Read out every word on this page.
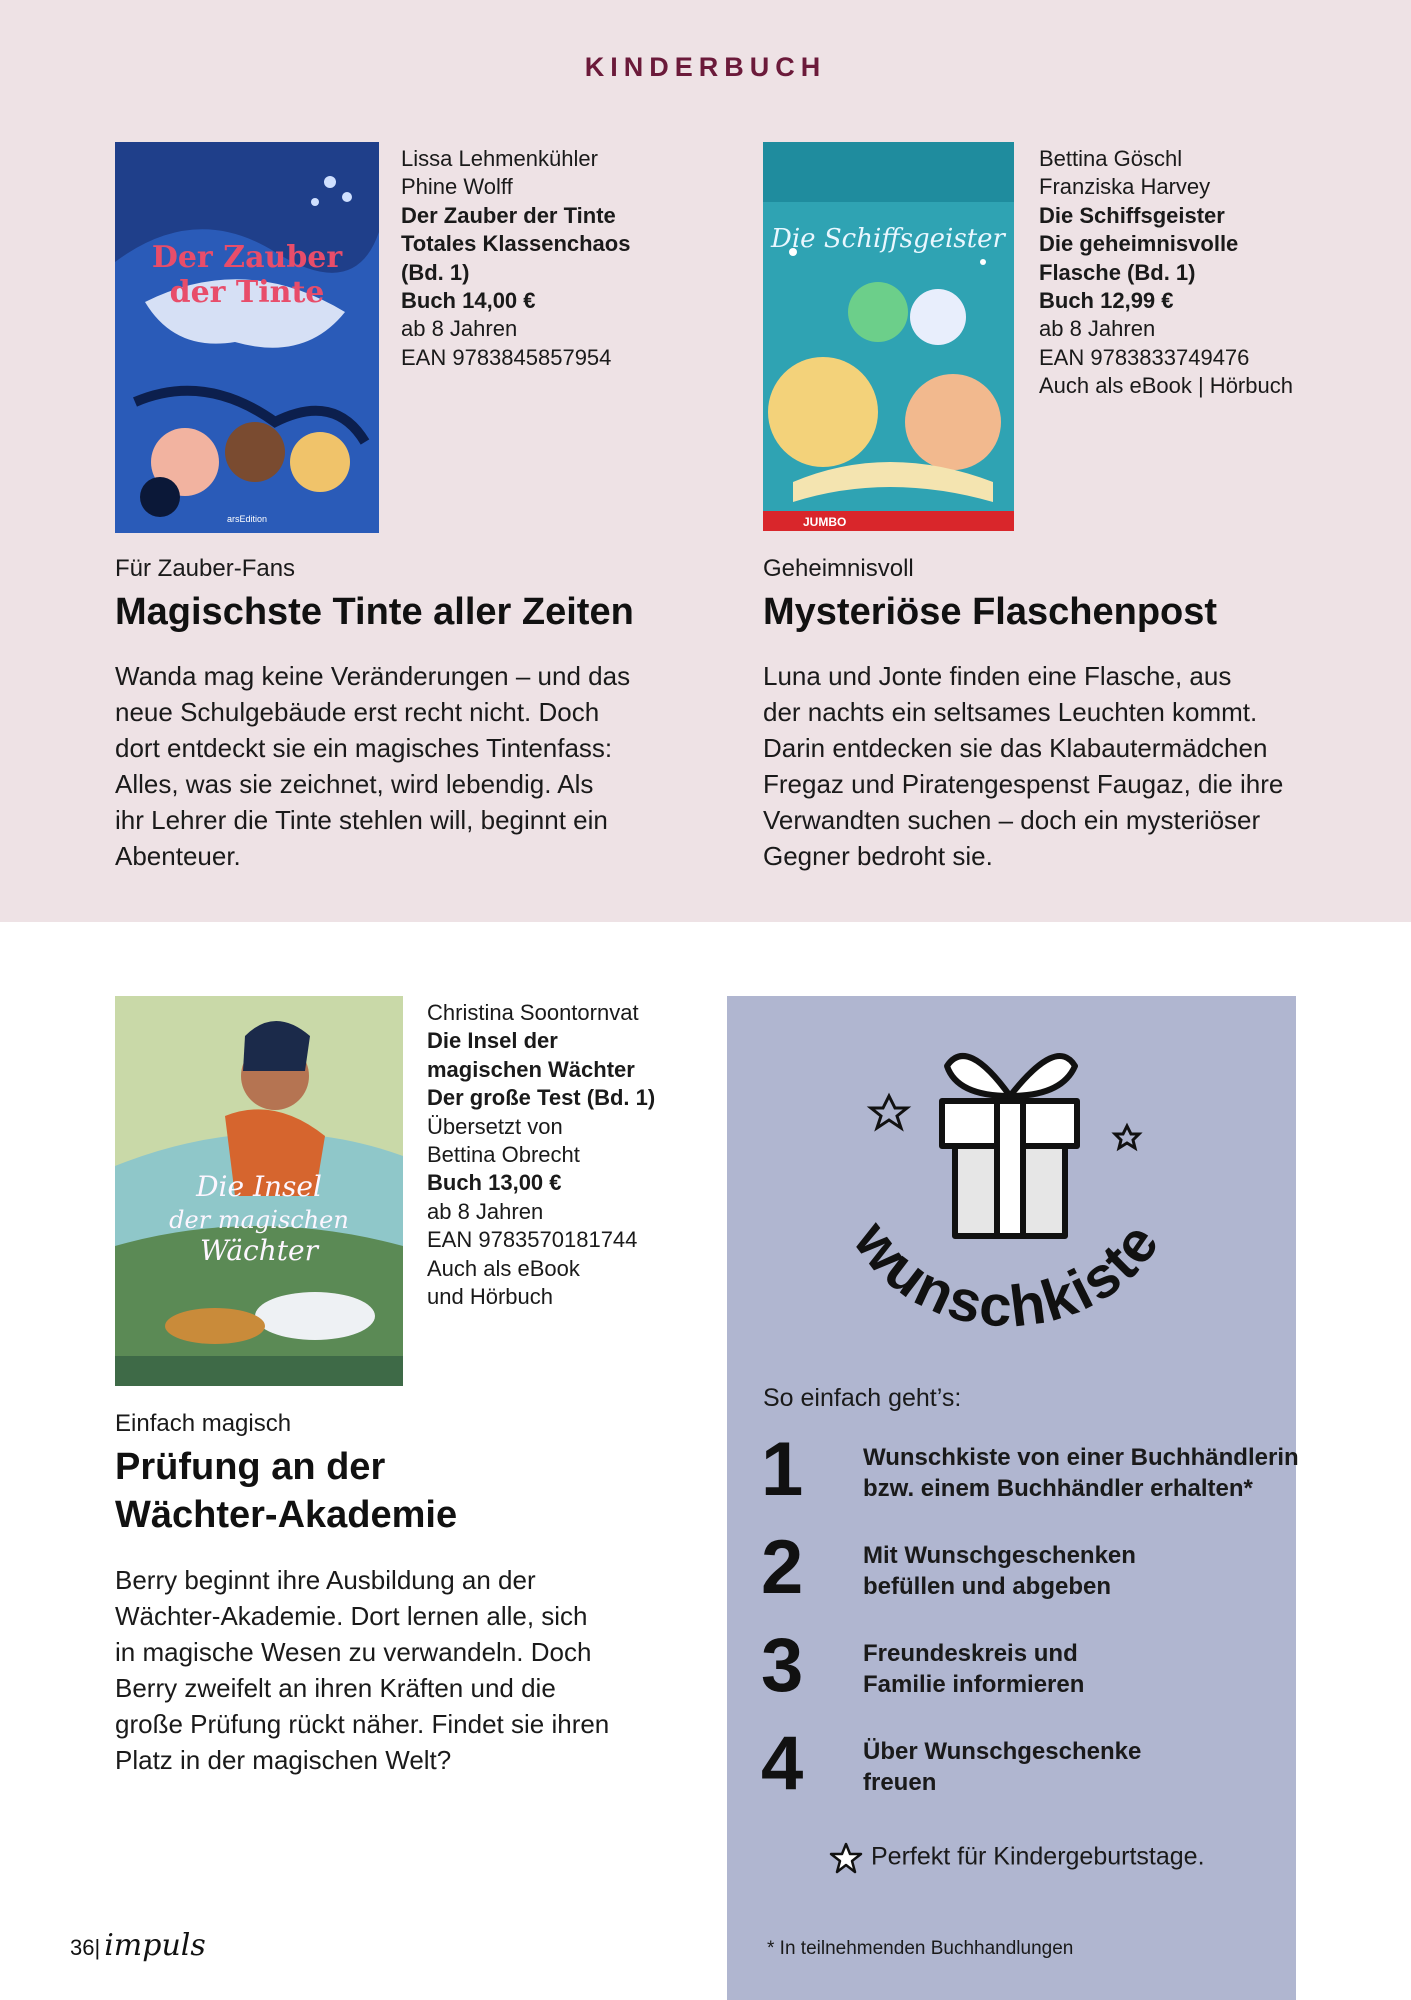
KINDERBUCH
Der Zauber
der Tinte
arsEdition
Lissa Lehmenkühler
Phine Wolff
Der Zauber der Tinte
Totales Klassenchaos
(Bd. 1)
Buch 14,00 €
ab 8 Jahren
EAN 9783845857954
Für Zauber-Fans
Magischste Tinte aller Zeiten
Wanda mag keine Veränderungen – und das
neue Schulgebäude erst recht nicht. Doch
dort entdeckt sie ein magisches Tintenfass:
Alles, was sie zeichnet, wird lebendig. Als
ihr Lehrer die Tinte stehlen will, beginnt ein
Abenteuer.
Die Schiffsgeister
JUMBO
Bettina Göschl
Franziska Harvey
Die Schiffsgeister
Die geheimnisvolle
Flasche (Bd. 1)
Buch 12,99 €
ab 8 Jahren
EAN 9783833749476
Auch als eBook | Hörbuch
Geheimnisvoll
Mysteriöse Flaschenpost
Luna und Jonte finden eine Flasche, aus
der nachts ein seltsames Leuchten kommt.
Darin entdecken sie das Klabautermädchen
Fregaz und Piratengespenst Faugaz, die ihre
Verwandten suchen – doch ein mysteriöser
Gegner bedroht sie.
Die Insel
der magischen
Wächter
Christina Soontornvat
Die Insel der
magischen Wächter
Der große Test (Bd. 1)
Übersetzt von
Bettina Obrecht
Buch 13,00 €
ab 8 Jahren
EAN 9783570181744
Auch als eBook
und Hörbuch
Einfach magisch
Prüfung an der
Wächter-Akademie
Berry beginnt ihre Ausbildung an der
Wächter-Akademie. Dort lernen alle, sich
in magische Wesen zu verwandeln. Doch
Berry zweifelt an ihren Kräften und die
große Prüfung rückt näher. Findet sie ihren
Platz in der magischen Welt?
wunschkiste
So einfach geht’s:
1 Wunschkiste von einer Buchhändlerin
bzw. einem Buchhändler erhalten*
2 Mit Wunschgeschenken
befüllen und abgeben
3 Freundeskreis und
Familie informieren
4 Über Wunschgeschenke
freuen
Perfekt für Kindergeburtstage.
* In teilnehmenden Buchhandlungen
36| impuls
